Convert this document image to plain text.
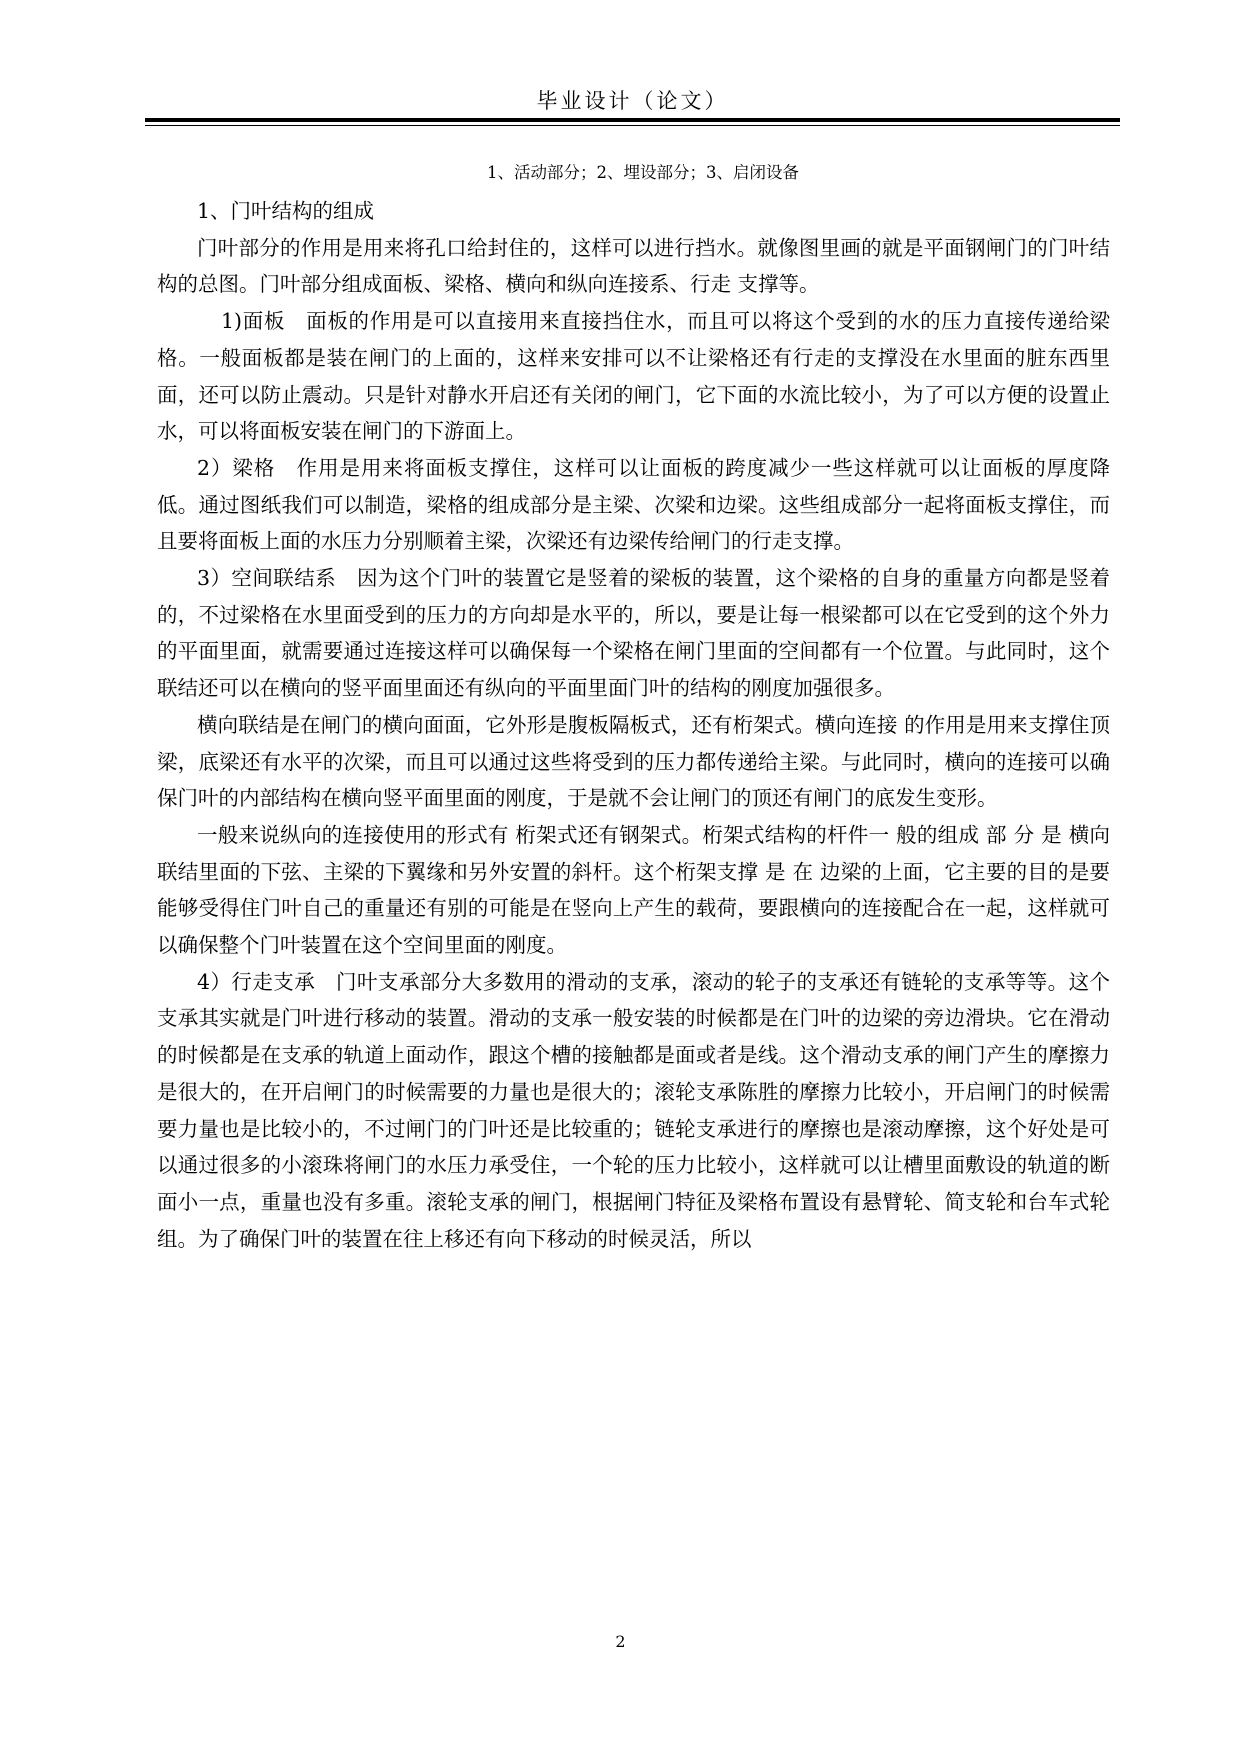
毕业设计（论文）
1、活动部分；2、埋设部分；3、启闭设备

1、门叶结构的组成

门叶部分的作用是用来将孔口给封住的，这样可以进行挡水。就像图里画的就是平面钢闸门的门叶结构的总图。门叶部分组成面板、梁格、横向和纵向连接系、行走 支撑等。

1)面板　面板的作用是可以直接用来直接挡住水，而且可以将这个受到的水的压力直接传递给梁格。一般面板都是装在闸门的上面的，这样来安排可以不让梁格还有行走的支撑没在水里面的脏东西里面，还可以防止震动。只是针对静水开启还有关闭的闸门，它下面的水流比较小，为了可以方便的设置止水，可以将面板安装在闸门的下游面上。

2）梁格　作用是用来将面板支撑住，这样可以让面板的跨度减少一些这样就可以让面板的厚度降低。通过图纸我们可以制造，梁格的组成部分是主梁、次梁和边梁。这些组成部分一起将面板支撑住，而且要将面板上面的水压力分别顺着主梁，次梁还有边梁传给闸门的行走支撑。

3）空间联结系　因为这个门叶的装置它是竖着的梁板的装置，这个梁格的自身的重量方向都是竖着的，不过梁格在水里面受到的压力的方向却是水平的，所以，要是让每一根梁都可以在它受到的这个外力的平面里面，就需要通过连接这样可以确保每一个梁格在闸门里面的空间都有一个位置。与此同时，这个联结还可以在横向的竖平面里面还有纵向的平面里面门叶的结构的刚度加强很多。

横向联结是在闸门的横向面面，它外形是腹板隔板式，还有桁架式。横向连接 的作用是用来支撑住顶梁，底梁还有水平的次梁，而且可以通过这些将受到的压力都传递给主梁。与此同时，横向的连接可以确保门叶的内部结构在横向竖平面里面的刚度，于是就不会让闸门的顶还有闸门的底发生变形。

一般来说纵向的连接使用的形式有 桁架式还有钢架式。桁架式结构的杆件一 般的组成 部 分 是 横向联结里面的下弦、主梁的下翼缘和另外安置的斜杆。这个桁架支撑 是 在 边梁的上面，它主要的目的是要能够受得住门叶自己的重量还有别的可能是在竖向上产生的载荷，要跟横向的连接配合在一起，这样就可以确保整个门叶装置在这个空间里面的刚度。

4）行走支承　门叶支承部分大多数用的滑动的支承，滚动的轮子的支承还有链轮的支承等等。这个支承其实就是门叶进行移动的装置。滑动的支承一般安装的时候都是在门叶的边梁的旁边滑块。它在滑动的时候都是在支承的轨道上面动作，跟这个槽的接触都是面或者是线。这个滑动支承的闸门产生的摩擦力是很大的，在开启闸门的时候需要的力量也是很大的；滚轮支承陈胜的摩擦力比较小，开启闸门的时候需要力量也是比较小的，不过闸门的门叶还是比较重的；链轮支承进行的摩擦也是滚动摩擦，这个好处是可以通过很多的小滚珠将闸门的水压力承受住，一个轮的压力比较小，这样就可以让槽里面敷设的轨道的断面小一点，重量也没有多重。滚轮支承的闸门，根据闸门特征及梁格布置设有悬臂轮、简支轮和台车式轮组。为了确保门叶的装置在往上移还有向下移动的时候灵活，所以

2
